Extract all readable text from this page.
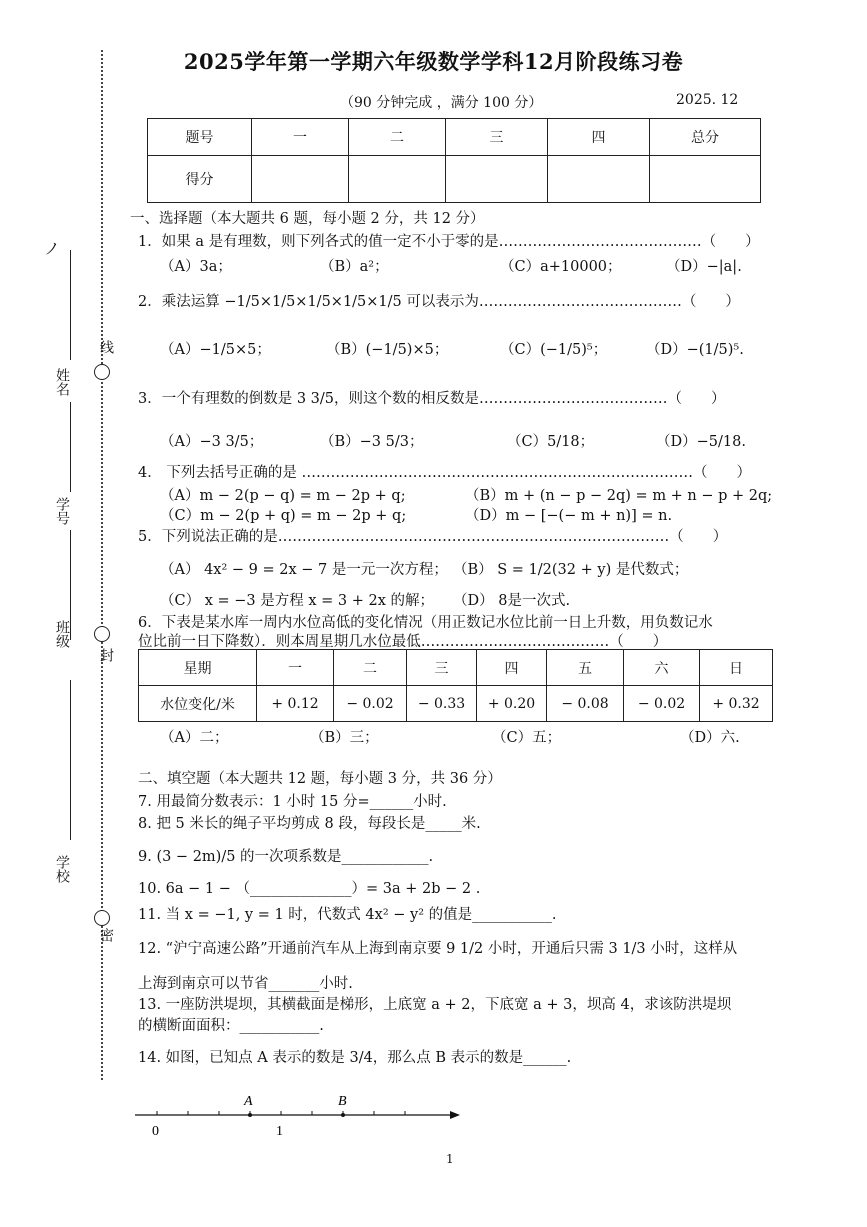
2025学年第一学期六年级数学学科12月阶段练习卷
（90 分钟完成 ，满分 100 分）	2025. 12
题号	一	二	三	四	总分
得分					
ノ
姓名
学号
班级
学校
线
封
密
一、选择题（本大题共 6 题，每小题 2 分，共 12 分）
1．如果 a 是有理数，则下列各式的值一定不小于零的是……………………………………（　　）
（A）3a；	（B）a²；	（C）a+10000；	（D）−|a|.
2．乘法运算 −1/5×1/5×1/5×1/5×1/5 可以表示为……………………………………（　　）
（A）−1/5×5；	（B）(−1/5)×5；	（C）(−1/5)⁵；	（D）−(1/5)⁵.
3．一个有理数的倒数是 3 3/5，则这个数的相反数是…………………………………（　　）
（A）−3 3/5；	（B）−3 5/3；	（C）5/18；	（D）−5/18.
4． 下列去括号正确的是 ………………………………………………………………………（　　）
（A）m − 2(p − q) = m − 2p + q;	（B）m + (n − p − 2q) = m + n − p + 2q;
（C）m − 2(p + q) = m − 2p + q;	（D）m − [−(− m + n)] = n.
5．下列说法正确的是………………………………………………………………………（　　）
（A） 4x² − 9 = 2x − 7 是一元一次方程； （B） S = 1/2(32 + y) 是代数式；
（C） x = −3 是方程 x = 3 + 2x 的解； （D） 8是一次式.
6．下表是某水库一周内水位高低的变化情况（用正数记水位比前一日上升数，用负数记水
位比前一日下降数）．则本周星期几水位最低…………………………………（　　）
星期	一	二	三	四	五	六	日
水位变化/米	+ 0.12	− 0.02	− 0.33	+ 0.20	− 0.08	− 0.02	+ 0.32
（A）二；	（B）三；	（C）五；	（D）六.
二、填空题（本大题共 12 题，每小题 3 分，共 36 分）
7. 用最简分数表示：1 小时 15 分=______小时.
8. 把 5 米长的绳子平均剪成 8 段，每段长是_____米.
9. (3 − 2m)/5 的一次项系数是____________.
10. 6a − 1 − （______________）= 3a + 2b − 2 .
11. 当 x = −1, y = 1 时，代数式 4x² − y² 的值是___________.
12. “沪宁高速公路”开通前汽车从上海到南京要 9 1/2 小时，开通后只需 3 1/3 小时，这样从
上海到南京可以节省_______小时.
13. 一座防洪堤坝，其横截面是梯形，上底宽 a + 2，下底宽 a + 3，坝高 4，求该防洪堤坝
的横断面面积：___________.
14. 如图，已知点 A 表示的数是 3/4，那么点 B 表示的数是______.
A	B
0	1
1
